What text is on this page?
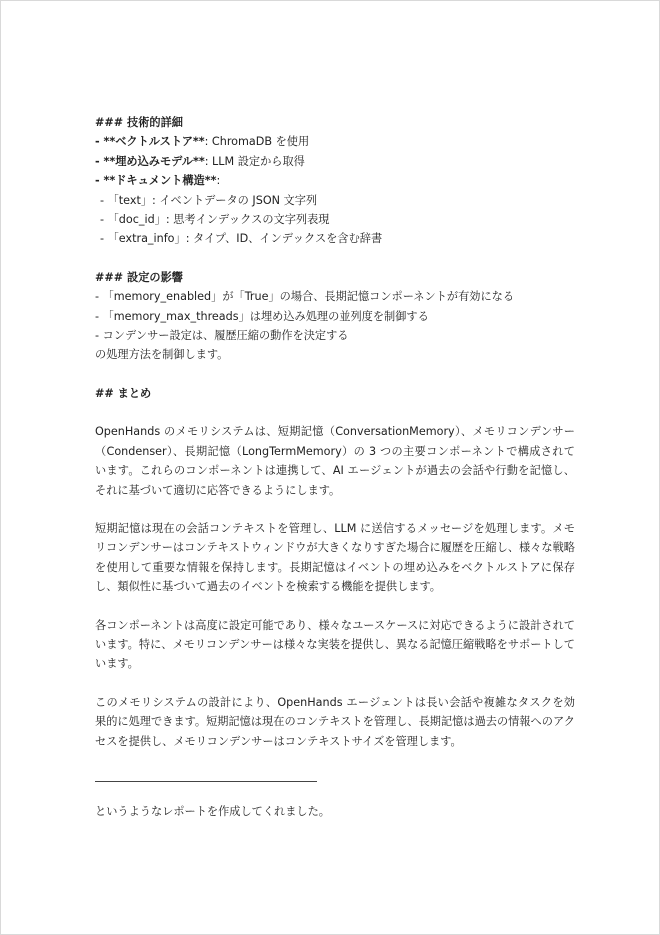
### 技術的詳細
- **ベクトルストア**: ChromaDB を使用
- **埋め込みモデル**: LLM 設定から取得
- **ドキュメント構造**:
- 「text」: イベントデータの JSON 文字列
- 「doc_id」: 思考インデックスの文字列表現
- 「extra_info」: タイプ、ID、インデックスを含む辞書
### 設定の影響
- 「memory_enabled」が「True」の場合、長期記憶コンポーネントが有効になる
- 「memory_max_threads」は埋め込み処理の並列度を制御する
- コンデンサー設定は、履歴圧縮の動作を決定する
の処理方法を制御します。
## まとめ

OpenHands のメモリシステムは、短期記憶（ConversationMemory）、メモリコンデンサー（Condenser）、長期記憶（LongTermMemory）の 3 つの主要コンポーネントで構成されています。これらのコンポーネントは連携して、AI エージェントが過去の会話や行動を記憶し、それに基づいて適切に応答できるようにします。

短期記憶は現在の会話コンテキストを管理し、LLM に送信するメッセージを処理します。メモリコンデンサーはコンテキストウィンドウが大きくなりすぎた場合に履歴を圧縮し、様々な戦略を使用して重要な情報を保持します。長期記憶はイベントの埋め込みをベクトルストアに保存し、類似性に基づいて過去のイベントを検索する機能を提供します。

各コンポーネントは高度に設定可能であり、様々なユースケースに対応できるように設計されています。特に、メモリコンデンサーは様々な実装を提供し、異なる記憶圧縮戦略をサポートしています。

このメモリシステムの設計により、OpenHands エージェントは長い会話や複雑なタスクを効果的に処理できます。短期記憶は現在のコンテキストを管理し、長期記憶は過去の情報へのアクセスを提供し、メモリコンデンサーはコンテキストサイズを管理します。

というようなレポートを作成してくれました。
